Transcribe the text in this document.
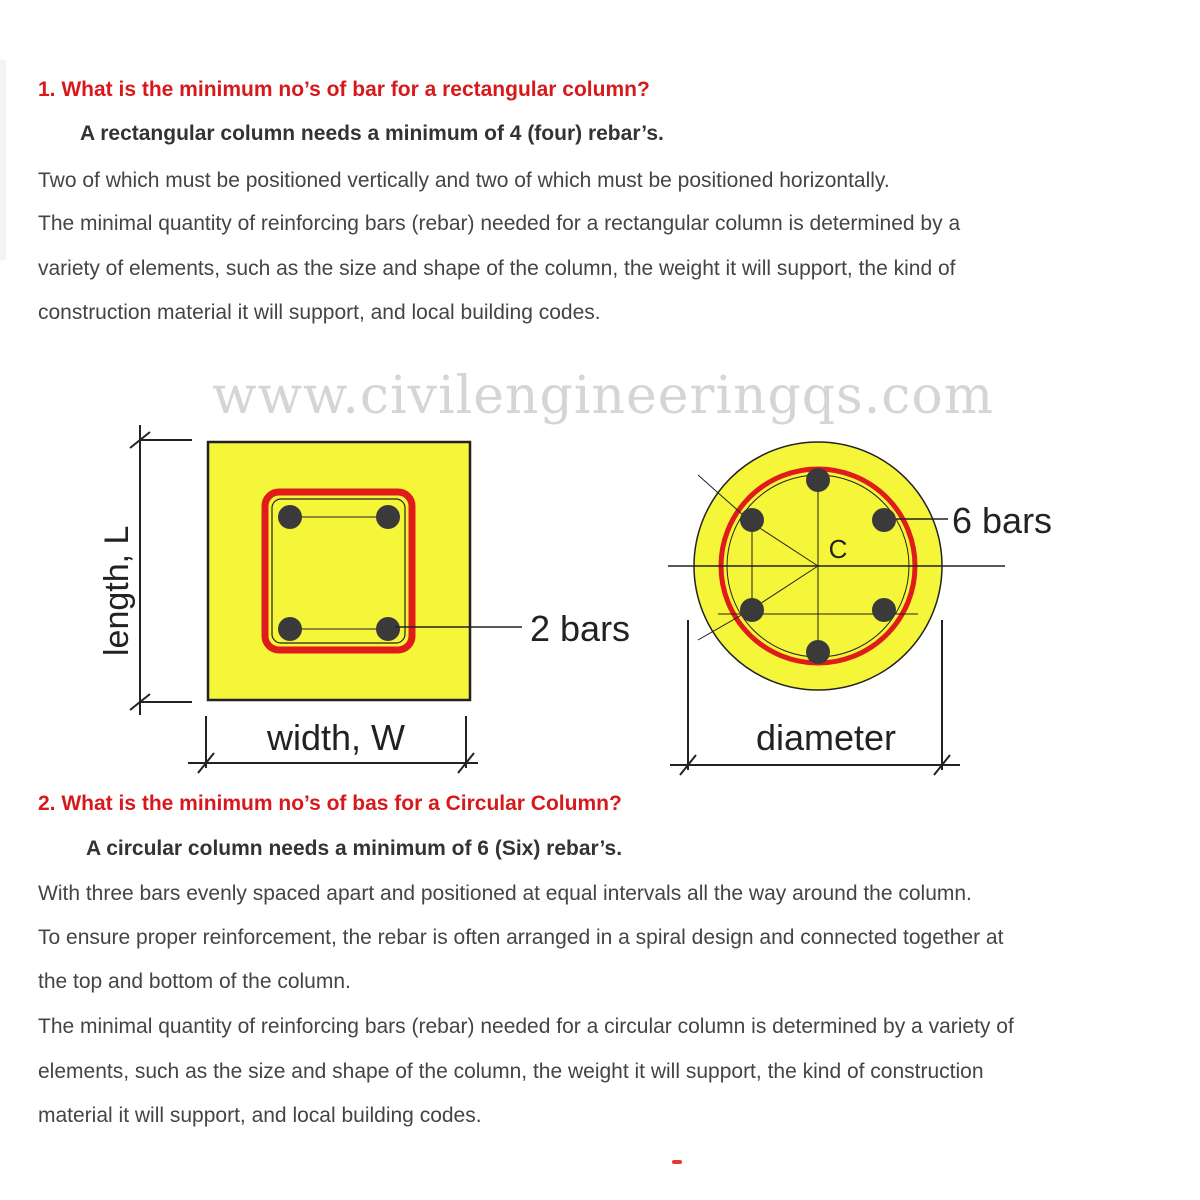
1. What is the minimum no’s of bar for a rectangular column?

A rectangular column needs a minimum of 4 (four) rebar’s.

Two of which must be positioned vertically and two of which must be positioned horizontally.

The minimal quantity of reinforcing bars (rebar) needed for a rectangular column is determined by a

variety of elements, such as the size and shape of the column, the weight it will support, the kind of

construction material it will support, and local building codes.

www.civilengineeringqs.com

length, L
width, W
2 bars
6 bars
C
diameter

2. What is the minimum no’s of bas for a Circular Column?

A circular column needs a minimum of 6 (Six) rebar’s.

With three bars evenly spaced apart and positioned at equal intervals all the way around the column.

To ensure proper reinforcement, the rebar is often arranged in a spiral design and connected together at

the top and bottom of the column.

The minimal quantity of reinforcing bars (rebar) needed for a circular column is determined by a variety of

elements, such as the size and shape of the column, the weight it will support, the kind of construction

material it will support, and local building codes.
